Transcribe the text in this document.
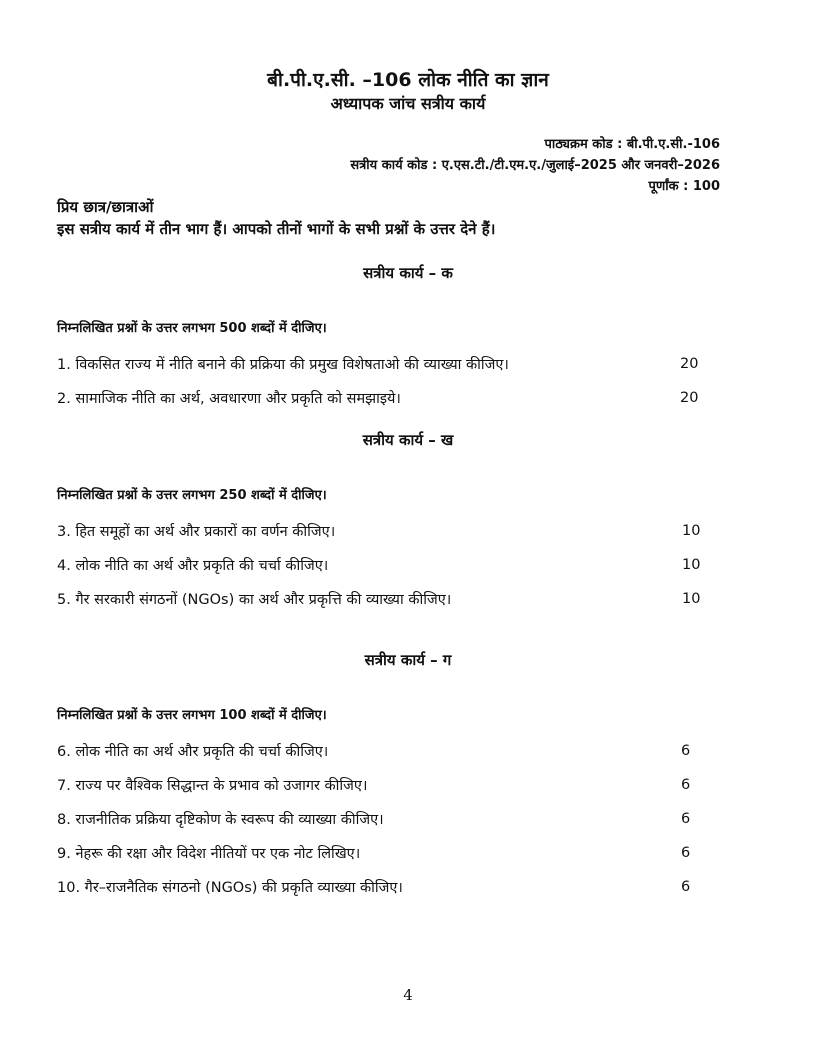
बी.पी.ए.सी. –106 लोक नीति का ज्ञान
अध्यापक जांच सत्रीय कार्य
पाठ्यक्रम कोड : बी.पी.ए.सी.-106
सत्रीय कार्य कोड : ए.एस.टी./टी.एम.ए./जुलाई–2025 और जनवरी–2026
पूर्णांक : 100
प्रिय छात्र/छात्राओं
इस सत्रीय कार्य में तीन भाग हैं। आपको तीनों भागों के सभी प्रश्नों के उत्तर देने हैं।
सत्रीय कार्य – क
निम्नलिखित प्रश्नों के उत्तर लगभग 500 शब्दों में दीजिए।
1. विकसित राज्य में नीति बनाने की प्रक्रिया की प्रमुख विशेषताओ की व्याख्या कीजिए।	20
2. सामाजिक नीति का अर्थ, अवधारणा और प्रकृति को समझाइये।	20
सत्रीय कार्य – ख
निम्नलिखित प्रश्नों के उत्तर लगभग 250 शब्दों में दीजिए।
3. हित समूहों का अर्थ और प्रकारों का वर्णन कीजिए।	10
4. लोक नीति का अर्थ और प्रकृति की चर्चा कीजिए।	10
5. गैर सरकारी संगठनों (NGOs) का अर्थ और प्रकृत्ति की व्याख्या कीजिए।	10
सत्रीय कार्य – ग
निम्नलिखित प्रश्नों के उत्तर लगभग 100 शब्दों में दीजिए।
6. लोक नीति का अर्थ और प्रकृति की चर्चा कीजिए।	6
7. राज्य पर वैश्विक सिद्धान्त के प्रभाव को उजागर कीजिए।	6
8. राजनीतिक प्रक्रिया दृष्टिकोण के स्वरूप की व्याख्या कीजिए।	6
9. नेहरू की रक्षा और विदेश नीतियों पर एक नोट लिखिए।	6
10. गैर–राजनैतिक संगठनो (NGOs) की प्रकृति व्याख्या कीजिए।	6
4
